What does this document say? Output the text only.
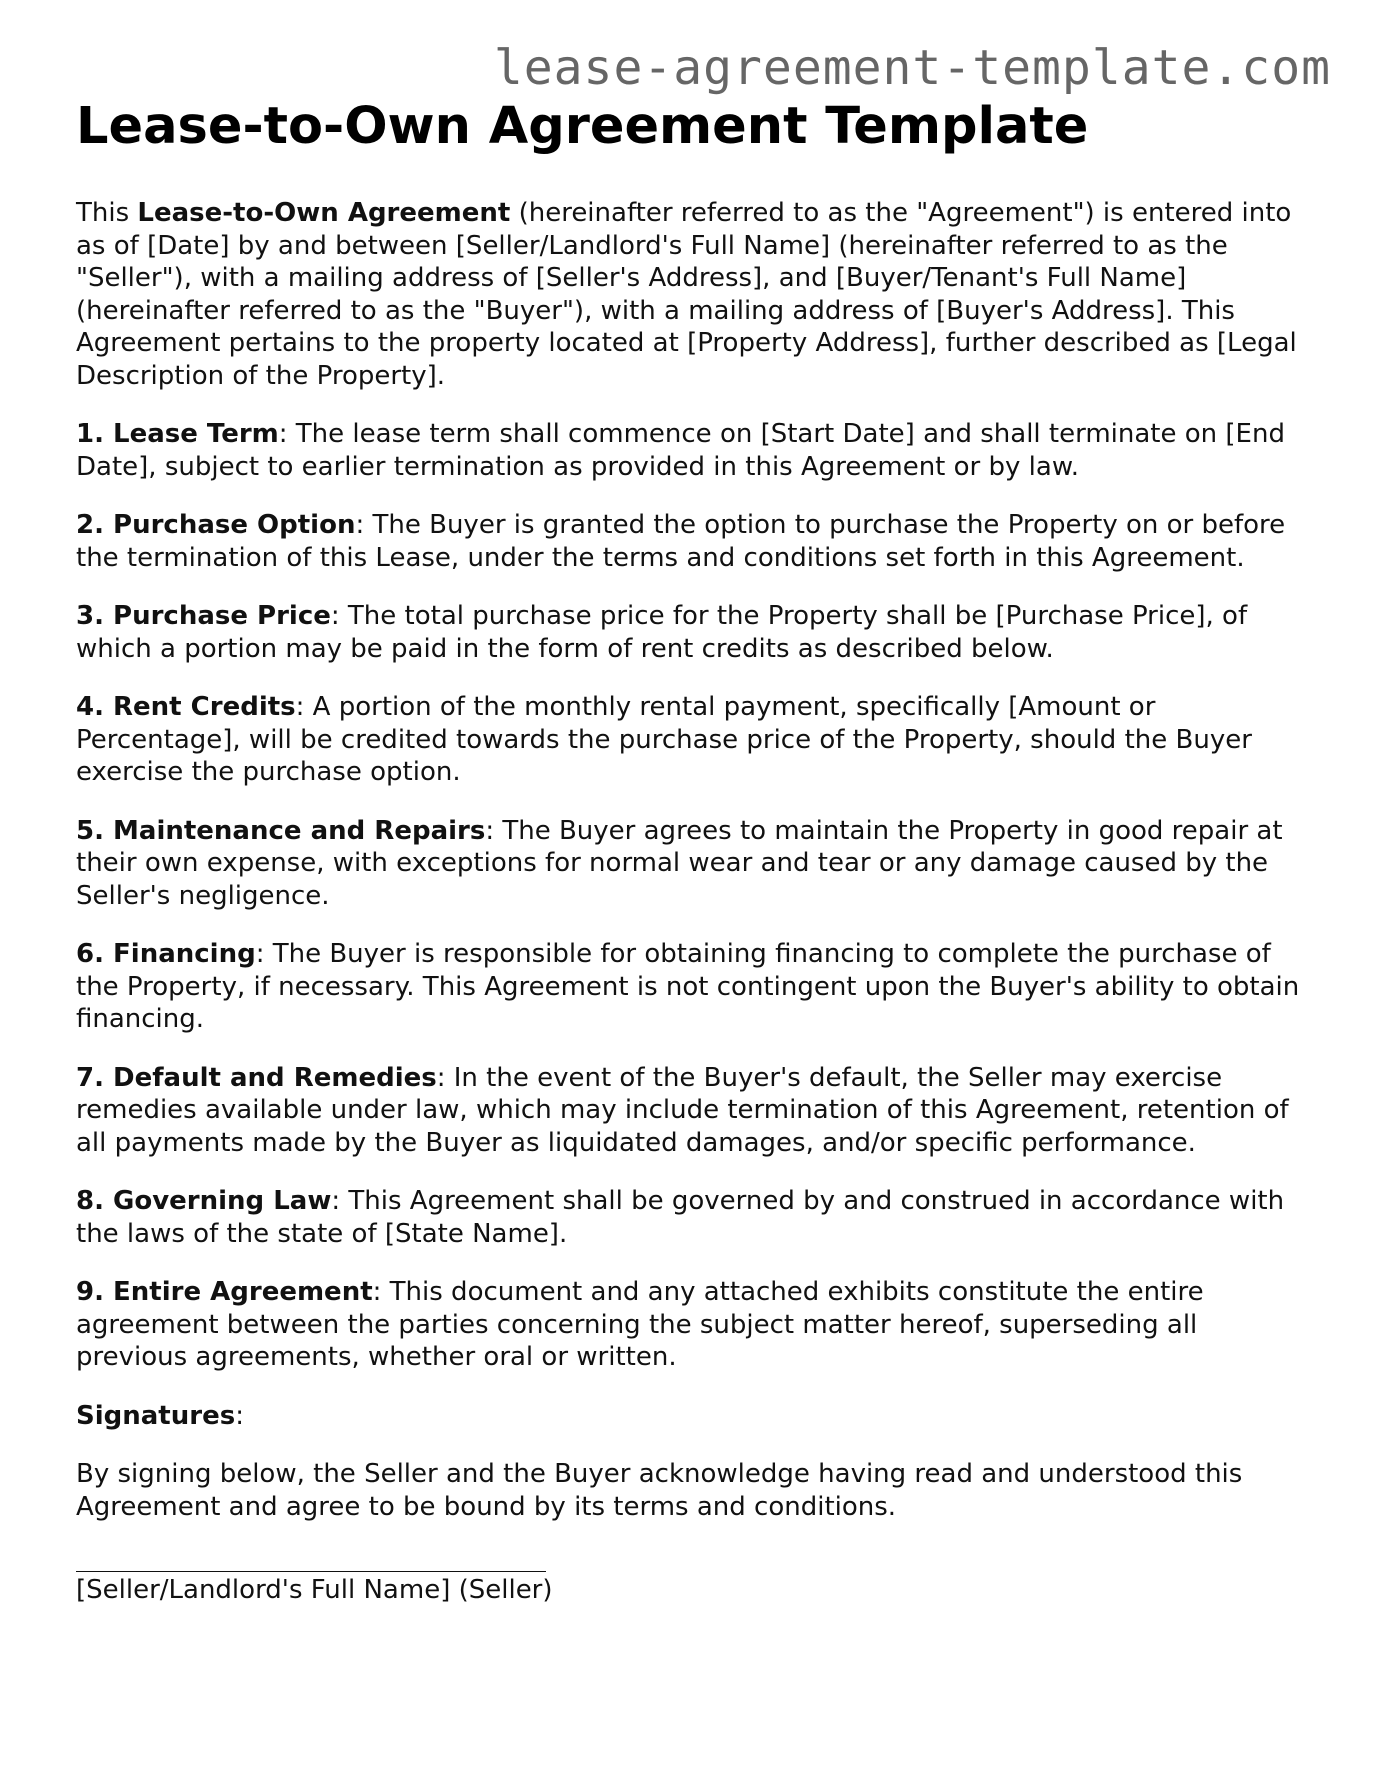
lease-agreement-template.com
Lease-to-Own Agreement Template

This Lease-to-Own Agreement (hereinafter referred to as the "Agreement") is entered into as of [Date] by and between [Seller/Landlord's Full Name] (hereinafter referred to as the "Seller"), with a mailing address of [Seller's Address], and [Buyer/Tenant's Full Name] (hereinafter referred to as the "Buyer"), with a mailing address of [Buyer's Address]. This Agreement pertains to the property located at [Property Address], further described as [Legal Description of the Property].

1. Lease Term: The lease term shall commence on [Start Date] and shall terminate on [End Date], subject to earlier termination as provided in this Agreement or by law.

2. Purchase Option: The Buyer is granted the option to purchase the Property on or before the termination of this Lease, under the terms and conditions set forth in this Agreement.

3. Purchase Price: The total purchase price for the Property shall be [Purchase Price], of which a portion may be paid in the form of rent credits as described below.

4. Rent Credits: A portion of the monthly rental payment, specifically [Amount or Percentage], will be credited towards the purchase price of the Property, should the Buyer exercise the purchase option.

5. Maintenance and Repairs: The Buyer agrees to maintain the Property in good repair at their own expense, with exceptions for normal wear and tear or any damage caused by the Seller's negligence.

6. Financing: The Buyer is responsible for obtaining financing to complete the purchase of the Property, if necessary. This Agreement is not contingent upon the Buyer's ability to obtain financing.

7. Default and Remedies: In the event of the Buyer's default, the Seller may exercise remedies available under law, which may include termination of this Agreement, retention of all payments made by the Buyer as liquidated damages, and/or specific performance.

8. Governing Law: This Agreement shall be governed by and construed in accordance with the laws of the state of [State Name].

9. Entire Agreement: This document and any attached exhibits constitute the entire agreement between the parties concerning the subject matter hereof, superseding all previous agreements, whether oral or written.

Signatures:

By signing below, the Seller and the Buyer acknowledge having read and understood this Agreement and agree to be bound by its terms and conditions.

[Seller/Landlord's Full Name] (Seller)
